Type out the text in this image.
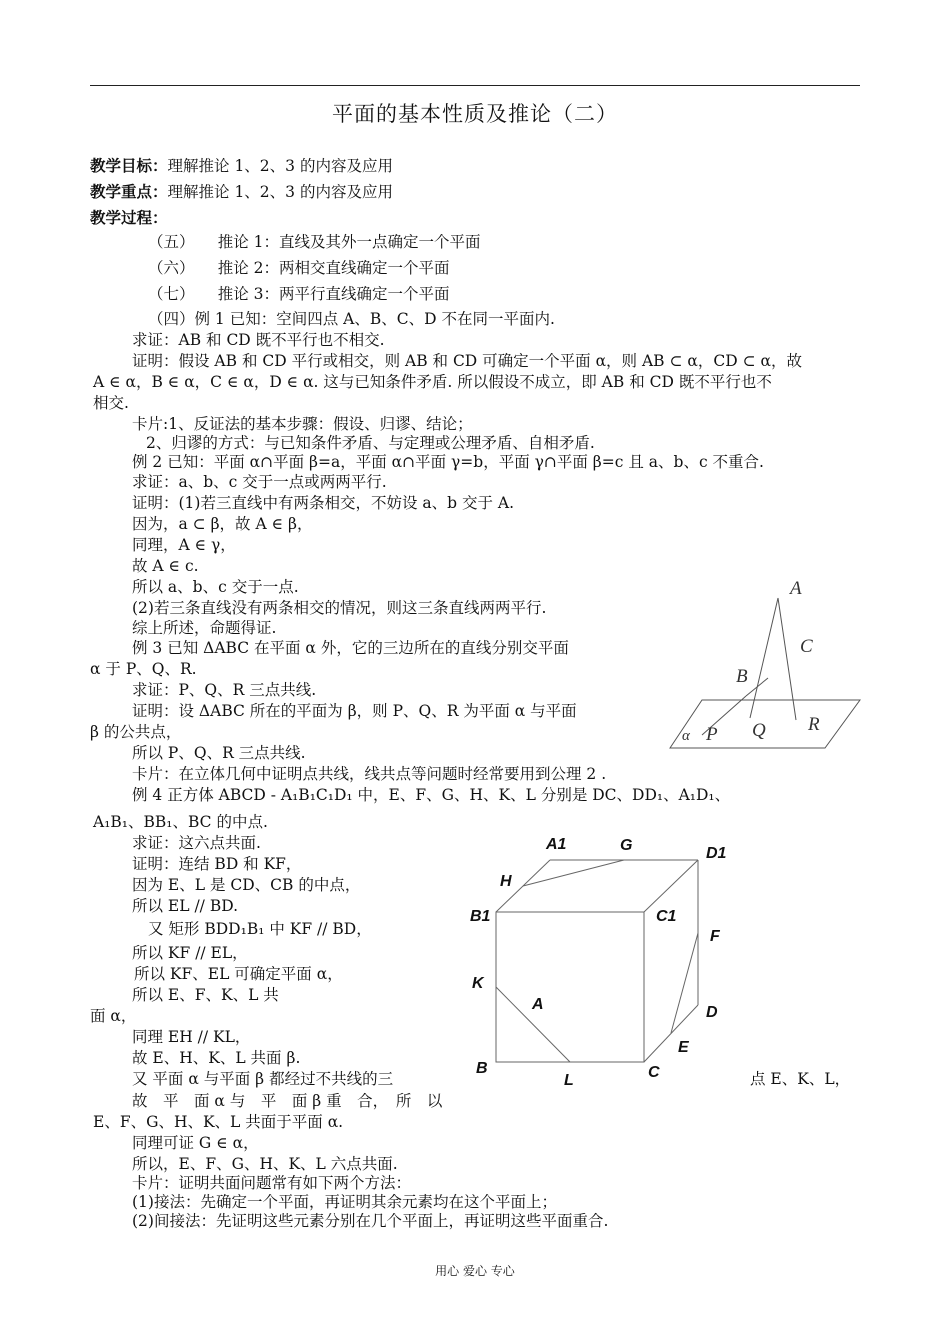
平面的基本性质及推论（二）
教学目标：理解推论 1、2、3 的内容及应用
教学重点：理解推论 1、2、3 的内容及应用
教学过程：
（五）　　推论 1：直线及其外一点确定一个平面
（六）　　推论 2：两相交直线确定一个平面
（七）　　推论 3：两平行直线确定一个平面
（四）例 1 已知：空间四点 A、B、C、D 不在同一平面内.
求证：AB 和 CD 既不平行也不相交.
证明：假设 AB 和 CD 平行或相交，则 AB 和 CD 可确定一个平面 α，则 AB ⊂ α，CD ⊂ α，故
A ∈ α，B ∈ α，C ∈ α，D ∈ α. 这与已知条件矛盾. 所以假设不成立，即 AB 和 CD 既不平行也不
相交.
卡片:1、反证法的基本步骤：假设、归谬、结论；
2、归谬的方式：与已知条件矛盾、与定理或公理矛盾、自相矛盾.
例 2 已知：平面 α∩平面 β=a，平面 α∩平面 γ=b，平面 γ∩平面 β=c 且 a、b、c 不重合.
求证：a、b、c 交于一点或两两平行.
证明：(1)若三直线中有两条相交，不妨设 a、b 交于 A.
因为，a ⊂ β，故 A ∈ β，
同理，A ∈ γ，
故 A ∈ c.
所以 a、b、c 交于一点.
(2)若三条直线没有两条相交的情况，则这三条直线两两平行.
综上所述，命题得证.
例 3 已知 ΔABC 在平面 α 外，它的三边所在的直线分别交平面
α 于 P、Q、R.
求证：P、Q、R 三点共线.
证明：设 ΔABC 所在的平面为 β，则 P、Q、R 为平面 α 与平面
β 的公共点，
所以 P、Q、R 三点共线.
卡片：在立体几何中证明点共线，线共点等问题时经常要用到公理 2 .
例 4 正方体 ABCD - A₁B₁C₁D₁ 中，E、F、G、H、K、L 分别是 DC、DD₁、A₁D₁、
A₁B₁、BB₁、BC 的中点.
求证：这六点共面.
证明：连结 BD 和 KF，
因为 E、L 是 CD、CB 的中点，
所以 EL // BD.
又 矩形 BDD₁B₁ 中 KF // BD，
所以 KF // EL，
所以 KF、EL 可确定平面 α，
所以 E、F、K、L 共
面 α，
同理 EH // KL，
故 E、H、K、L 共面 β.
又 平面 α 与平面 β 都经过不共线的三	点 E、K、L，
故　平　面 α 与　平　面 β 重　合，　所　以
E、F、G、H、K、L 共面于平面 α.
同理可证 G ∈ α，
所以，E、F、G、H、K、L 六点共面.
卡片：证明共面问题常有如下两个方法：
(1)接法：先确定一个平面，再证明其余元素均在这个平面上；
(2)间接法：先证明这些元素分别在几个平面上，再证明这些平面重合.
A
C
B
R
α P Q
A1	G	D1
H
B1	C1
F
K
A	D
E
B
L	C
用心 爱心 专心
